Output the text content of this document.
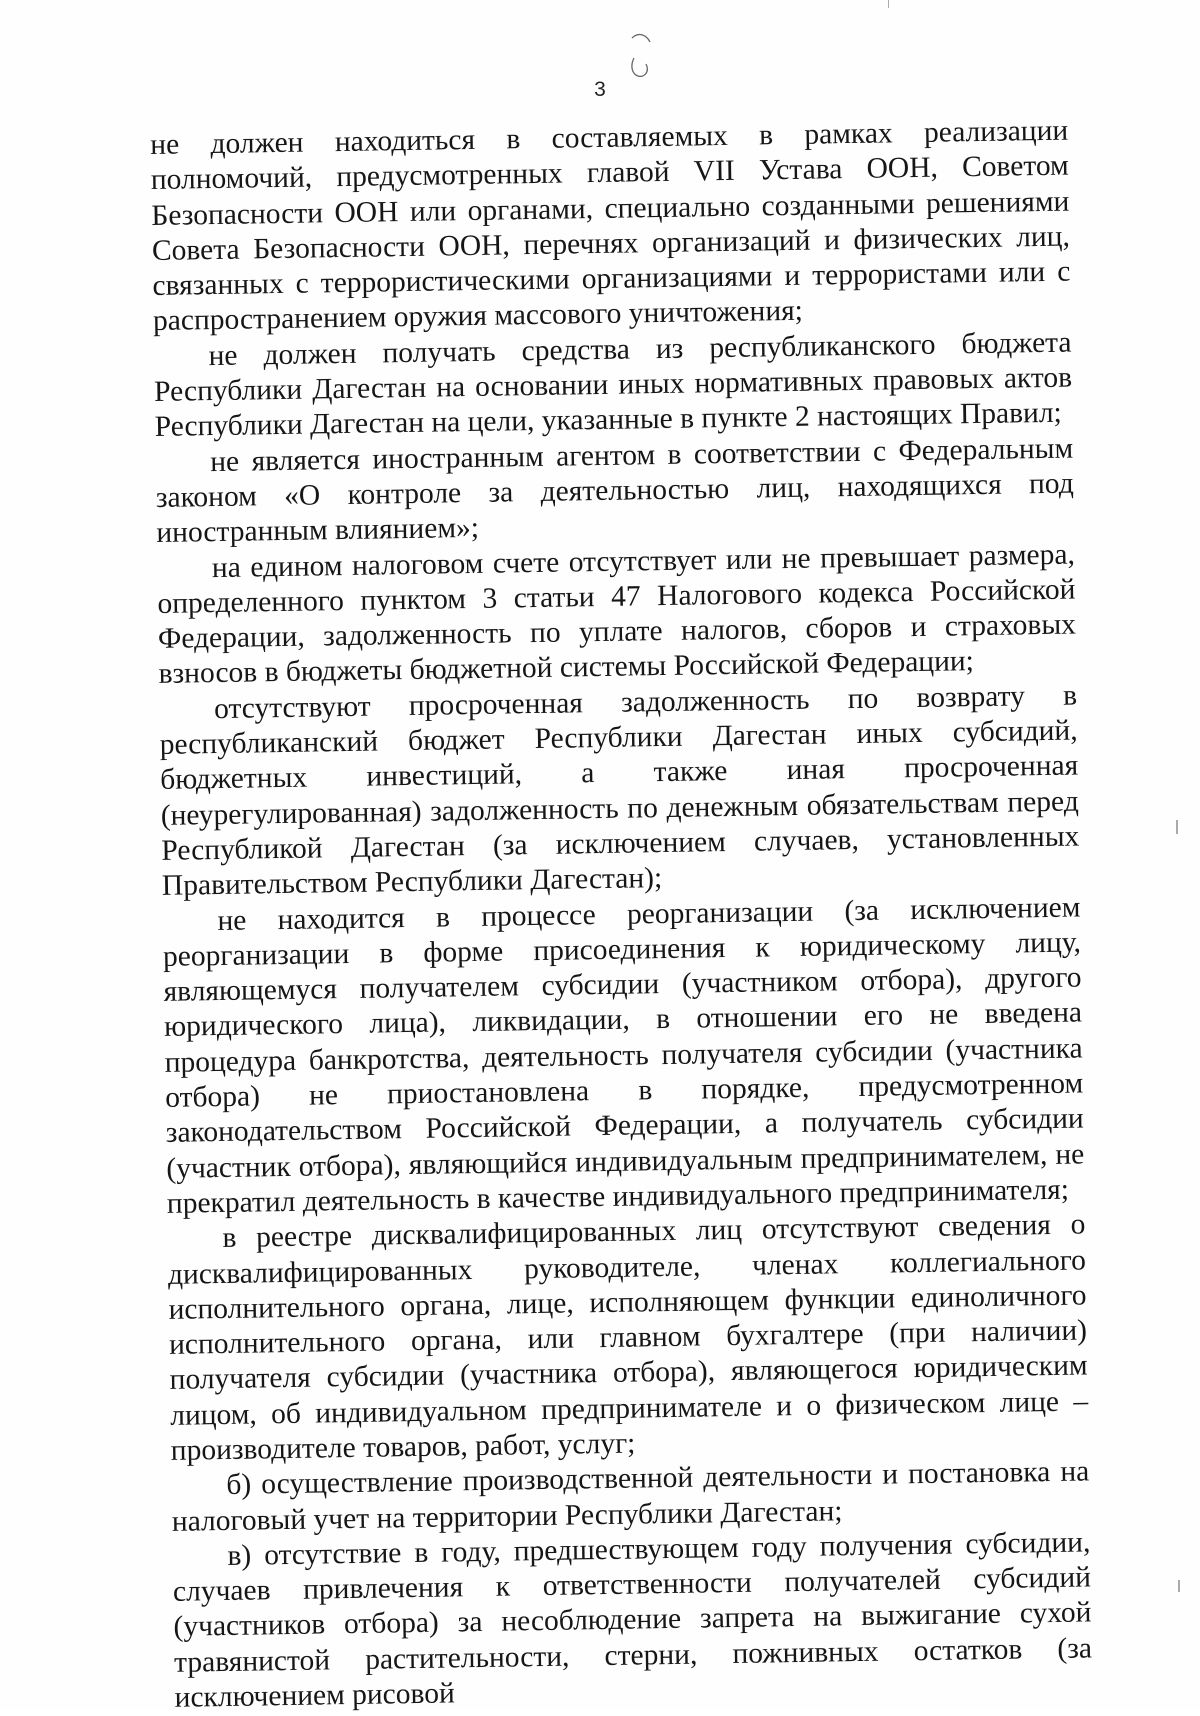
3

не должен находиться в составляемых в рамках реализации полномочий, предусмотренных главой VII Устава ООН, Советом Безопасности ООН или органами, специально созданными решениями Совета Безопасности ООН, перечнях организаций и физических лиц, связанных с террористическими организациями и террористами или с распространением оружия массового уничтожения;

не должен получать средства из республиканского бюджета Республики Дагестан на основании иных нормативных правовых актов Республики Дагестан на цели, указанные в пункте 2 настоящих Правил;

не является иностранным агентом в соответствии с Федеральным законом «О контроле за деятельностью лиц, находящихся под иностранным влиянием»;

на едином налоговом счете отсутствует или не превышает размера, определенного пунктом 3 статьи 47 Налогового кодекса Российской Федерации, задолженность по уплате налогов, сборов и страховых взносов в бюджеты бюджетной системы Российской Федерации;

отсутствуют просроченная задолженность по возврату в республиканский бюджет Республики Дагестан иных субсидий, бюджетных инвестиций, а также иная просроченная (неурегулированная) задолженность по денежным обязательствам перед Республикой Дагестан (за исключением случаев, установленных Правительством Республики Дагестан);

не находится в процессе реорганизации (за исключением реорганизации в форме присоединения к юридическому лицу, являющемуся получателем субсидии (участником отбора), другого юридического лица), ликвидации, в отношении его не введена процедура банкротства, деятельность получателя субсидии (участника отбора) не приостановлена в порядке, предусмотренном законодательством Российской Федерации, а получатель субсидии (участник отбора), являющийся индивидуальным предпринимателем, не прекратил деятельность в качестве индивидуального предпринимателя;

в реестре дисквалифицированных лиц отсутствуют сведения о дисквалифицированных руководителе, членах коллегиального исполнительного органа, лице, исполняющем функции единоличного исполнительного органа, или главном бухгалтере (при наличии) получателя субсидии (участника отбора), являющегося юридическим лицом, об индивидуальном предпринимателе и о физическом лице – производителе товаров, работ, услуг;

б) осуществление производственной деятельности и постановка на налоговый учет на территории Республики Дагестан;

в) отсутствие в году, предшествующем году получения субсидии, случаев привлечения к ответственности получателей субсидий (участников отбора) за несоблюдение запрета на выжигание сухой травянистой растительности, стерни, пожнивных остатков (за исключением рисовой
